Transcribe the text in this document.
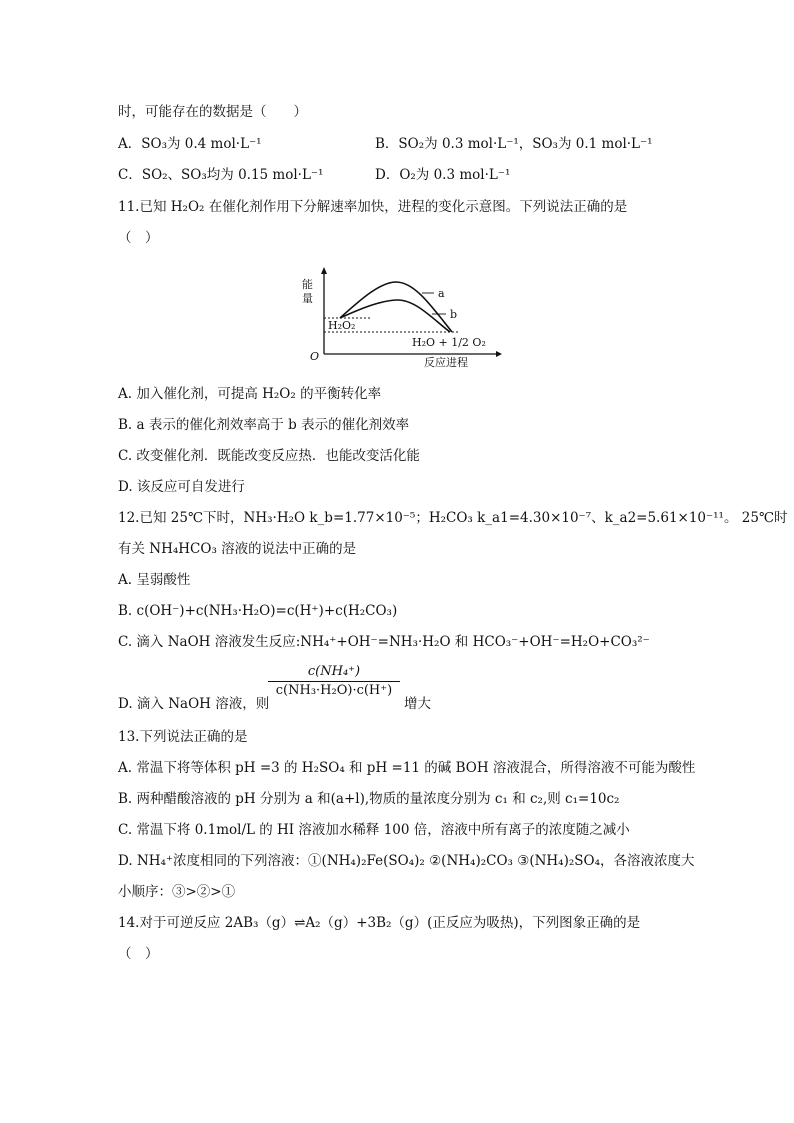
时，可能存在的数据是（　　）
A．SO₃为 0.4 mol·L⁻¹	B．SO₂为 0.3 mol·L⁻¹，SO₃为 0.1 mol·L⁻¹
C．SO₂、SO₃均为 0.15 mol·L⁻¹	D．O₂为 0.3 mol·L⁻¹
11.已知 H₂O₂ 在催化剂作用下分解速率加快，进程的变化示意图。下列说法正确的是
（　）
能
量
O
a
b
H₂O₂
H₂O + 1/2 O₂
反应进程
A. 加入催化剂，可提高 H₂O₂ 的平衡转化率
B. a 表示的催化剂效率高于 b 表示的催化剂效率
C. 改变催化剂．既能改变反应热．也能改变活化能
D. 该反应可自发进行
12.已知 25℃下时，NH₃·H₂O k_b=1.77×10⁻⁵；H₂CO₃ k_a1=4.30×10⁻⁷、k_a2=5.61×10⁻¹¹。 25℃时
有关 NH₄HCO₃ 溶液的说法中正确的是
A. 呈弱酸性
B. c(OH⁻)+c(NH₃·H₂O)=c(H⁺)+c(H₂CO₃)
C. 滴入 NaOH 溶液发生反应:NH₄⁺+OH⁻=NH₃·H₂O 和 HCO₃⁻+OH⁻=H₂O+CO₃²⁻
D. 滴入 NaOH 溶液，则
c(NH₄⁺)
c(NH₃·H₂O)·c(H⁺)
增大
13.下列说法正确的是
A. 常温下将等体积 pH =3 的 H₂SO₄ 和 pH =11 的碱 BOH 溶液混合，所得溶液不可能为酸性
B. 两种醋酸溶液的 pH 分别为 a 和(a+l),物质的量浓度分别为 c₁ 和 c₂,则 c₁=10c₂
C. 常温下将 0.1mol/L 的 HI 溶液加水稀释 100 倍，溶液中所有离子的浓度随之减小
D. NH₄⁺浓度相同的下列溶液：①(NH₄)₂Fe(SO₄)₂ ②(NH₄)₂CO₃ ③(NH₄)₂SO₄，各溶液浓度大
小顺序：③>②>①
14.对于可逆反应 2AB₃（g）⇌A₂（g）+3B₂（g）(正反应为吸热)，下列图象正确的是
（　）
